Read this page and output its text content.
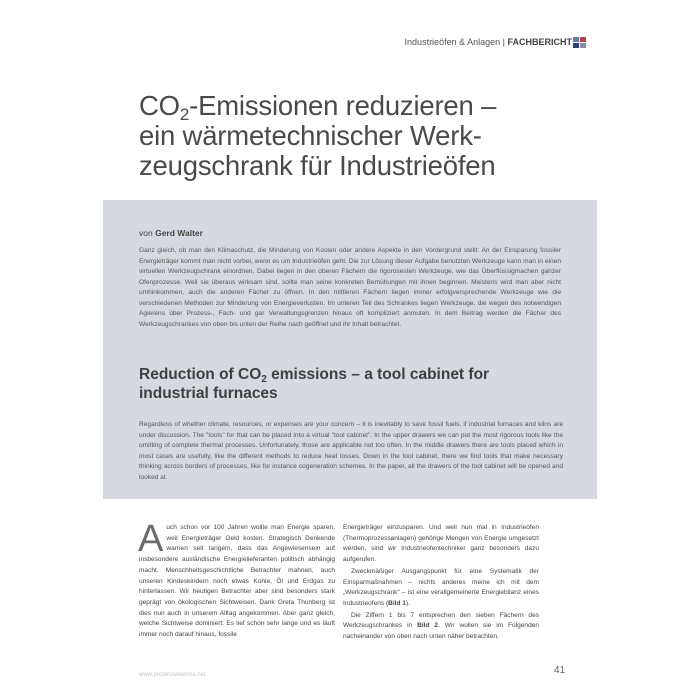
Industrieöfen & Anlagen | FACHBERICHT
$CO_2$-Emissionen reduzieren –
ein wärmetechnischer Werk-
zeugschrank für Industrieöfen
von Gerd Walter

Ganz gleich, ob man den Klimaschutz, die Minderung von Kosten oder andere Aspekte in den Vordergrund stellt: An der Einsparung fossiler Energieträger kommt man nicht vorbei, wenn es um Industrieöfen geht. Die zur Lösung dieser Aufgabe benutzten Werkzeuge kann man in einen virtuellen Werkzeugschrank einordnen. Dabei liegen in den oberen Fächern die rigorosesten Werkzeuge, wie das Überflüssigmachen ganzer Ofenprozesse. Weil sie überaus wirksam sind, sollte man seine konkreten Bemühungen mit ihnen beginnen. Meistens wird man aber nicht umhinkommen, auch die anderen Fächer zu öffnen. In den mittleren Fächern liegen immer erfolgversprechende Werkzeuge wie die verschiedenen Methoden zur Minderung von Energieverlusten. Im unteren Teil des Schrankes liegen Werkzeuge, die wegen des notwendigen Agierens über Prozess-, Fach- und gar Verwaltungsgrenzen hinaus oft kompliziert anmuten. In dem Beitrag werden die Fächer des Werkzeugschrankes von oben bis unten der Reihe nach geöffnet und ihr Inhalt betrachtet.

Reduction of $CO_2$ emissions – a tool cabinet for
industrial furnaces

Regardless of whether climate, resources, or expenses are your concern – it is inevitably to save fossil fuels, if industrial furnaces and kilns are under discussion. The "tools" for that can be placed into a virtual "tool cabinet". In the upper drawers we can put the most rigorous tools like the omitting of complete thermal processes. Unfortunately, those are applicable not too often. In the middle drawers there are tools placed which in most cases are usefully, like the different methods to reduce heat losses. Down in the tool cabinet, there we find tools that make necessary thinking across borders of processes, like for instance cogeneration schemes. In the paper, all the drawers of the tool cabinet will be opened and looked at.

Auch schon vor 100 Jahren wollte man Energie sparen, weil Energieträger Geld kosten. Strategisch Denkende warnen seit langem, dass das Angewiesensein auf insbesondere ausländische Energielieferanten politisch abhängig macht. Menschheitsgeschichtliche Betrachter mahnen, auch unseren Kindeskindern noch etwas Kohle, Öl und Erdgas zu hinterlassen. Wir heutigen Betrachter aber sind besonders stark geprägt von ökologischen Sichtweisen. Dank Greta Thunberg ist dies nun auch in unserem Alltag angekommen. Aber ganz gleich, welche Sichtweise dominiert: Es lief schon sehr lange und es läuft immer noch darauf hinaus, fossile

Energieträger einzusparen. Und weil nun mal in Industrieöfen (Thermoprozessanlagen) gehörige Mengen von Energie umgesetzt werden, sind wir Industrieofentechniker ganz besonders dazu aufgerufen.

Zweckmäßiger Ausgangspunkt für eine Systematik der Einsparmaßnahmen – nichts anderes meine ich mit dem „Werkzeugschrank“ – ist eine verallgemeinerte Energiebilanz eines Industrieofens (Bild 1).

Die Ziffern 1 bis 7 entsprechen den sieben Fächern des Werkzeugschrankes in Bild 2. Wir wollen sie im Folgenden nacheinander von oben nach unten näher betrachten.

www.prozesswaerme.net	41
